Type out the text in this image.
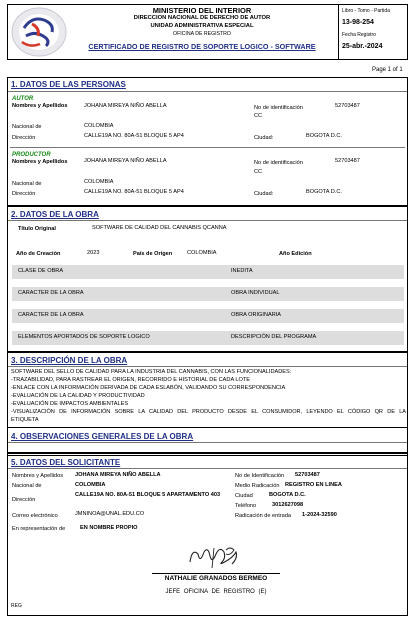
MINISTERIO DEL INTERIOR
DIRECCION NACIONAL DE DERECHO DE AUTOR
UNIDAD ADMINISTRATIVA ESPECIAL
OFICINA DE REGISTRO
CERTIFICADO DE REGISTRO DE SOPORTE LOGICO - SOFTWARE
Libro - Tomo - Partida
13-98-254
Fecha Registro
25-abr.-2024
Page 1 of 1
1. DATOS DE LAS PERSONAS
AUTOR
Nombres y Apellidos	JOHANA MIREYA NIÑO ABELLA	No de identificación	52703487
CC
Nacional de	COLOMBIA
Dirección	CALLE19A NO. 80A-51 BLOQUE 5 AP4	Ciudad:	BOGOTA D.C.
PRODUCTOR
Nombres y Apellidos	JOHANA MIREYA NIÑO ABELLA	No de identificación	52703487
CC
Nacional de	COLOMBIA
Dirección	CALLE19A NO. 80A-51 BLOQUE 5 AP4	Ciudad:	BOGOTA D.C.
2. DATOS DE LA OBRA
Título Original	SOFTWARE DE CALIDAD DEL CANNABIS QCANNA
Año de Creación	2023	País de Origen	COLOMBIA	Año Edición
CLASE DE OBRA	INEDITA
CARACTER DE LA OBRA	OBRA INDIVIDUAL
CARACTER DE LA OBRA	OBRA ORIGINARIA
ELEMENTOS APORTADOS DE SOPORTE LOGICO	DESCRIPCIÓN DEL PROGRAMA
3. DESCRIPCIÓN DE LA OBRA
SOFTWARE DEL SELLO DE CALIDAD PARA LA INDUSTRIA DEL CANNABIS, CON LAS FUNCIONALIDADES:
-TRAZABILIDAD, PARA RASTREAR EL ORIGEN, RECORRIDO E HISTORIAL DE CADA LOTE
-ENLACE CON LA INFORMACIÓN DERIVADA DE CADA ESLABÓN, VALIDANDO SU CORRESPONDENCIA
-EVALUACIÓN DE LA CALIDAD Y PRODUCTIVIDAD
-EVALUACIÓN DE IMPACTOS AMBIENTALES
-VISUALIZACIÓN DE INFORMACIÓN SOBRE LA CALIDAD DEL PRODUCTO DESDE EL CONSUMIDOR, LEYENDO EL CÓDIGO QR DE LA
ETIQUETA
4. OBSERVACIONES GENERALES DE LA OBRA
5. DATOS DEL SOLICITANTE
Nombres y Apellidos JOHANA MIREYA NIÑO ABELLA
Nacional de	COLOMBIA
CALLE19A NO. 80A-51 BLOQUE 5 APARTAMENTO 403
Dirección
Correo electrónico	JMNINOA@UNAL.EDU.CO
En representación de	EN NOMBRE PROPIO
No de Identificación 52703487
Medio Radicación REGISTRO EN LINEA
Ciudad	BOGOTA D.C.
Teléfono	3012627098
Radicación de entrada 1-2024-32590
NATHALIE GRANADOS BERMEO
JEFE OFICINA DE REGISTRO (E)
REG
